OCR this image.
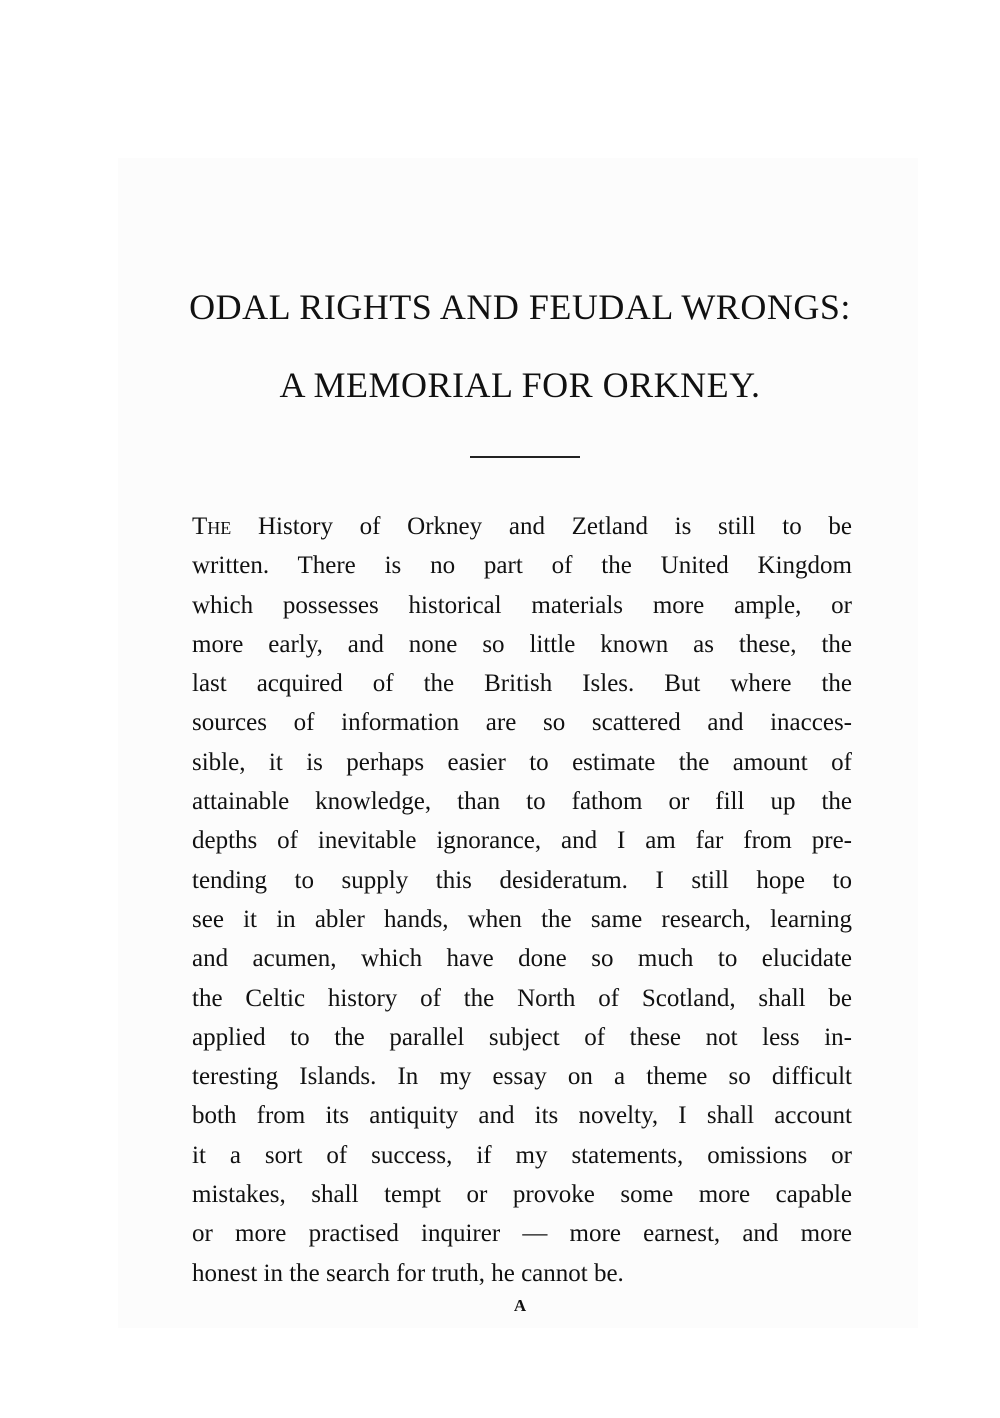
ODAL RIGHTS AND FEUDAL WRONGS:
A MEMORIAL FOR ORKNEY.
The History of Orkney and Zetland is still to be
written. There is no part of the United Kingdom
which possesses historical materials more ample, or
more early, and none so little known as these, the
last acquired of the British Isles. But where the
sources of information are so scattered and inacces-
sible, it is perhaps easier to estimate the amount of
attainable knowledge, than to fathom or fill up the
depths of inevitable ignorance, and I am far from pre-
tending to supply this desideratum. I still hope to
see it in abler hands, when the same research, learning
and acumen, which have done so much to elucidate
the Celtic history of the North of Scotland, shall be
applied to the parallel subject of these not less in-
teresting Islands. In my essay on a theme so difficult
both from its antiquity and its novelty, I shall account
it a sort of success, if my statements, omissions or
mistakes, shall tempt or provoke some more capable
or more practised inquirer — more earnest, and more
honest in the search for truth, he cannot be.
A
